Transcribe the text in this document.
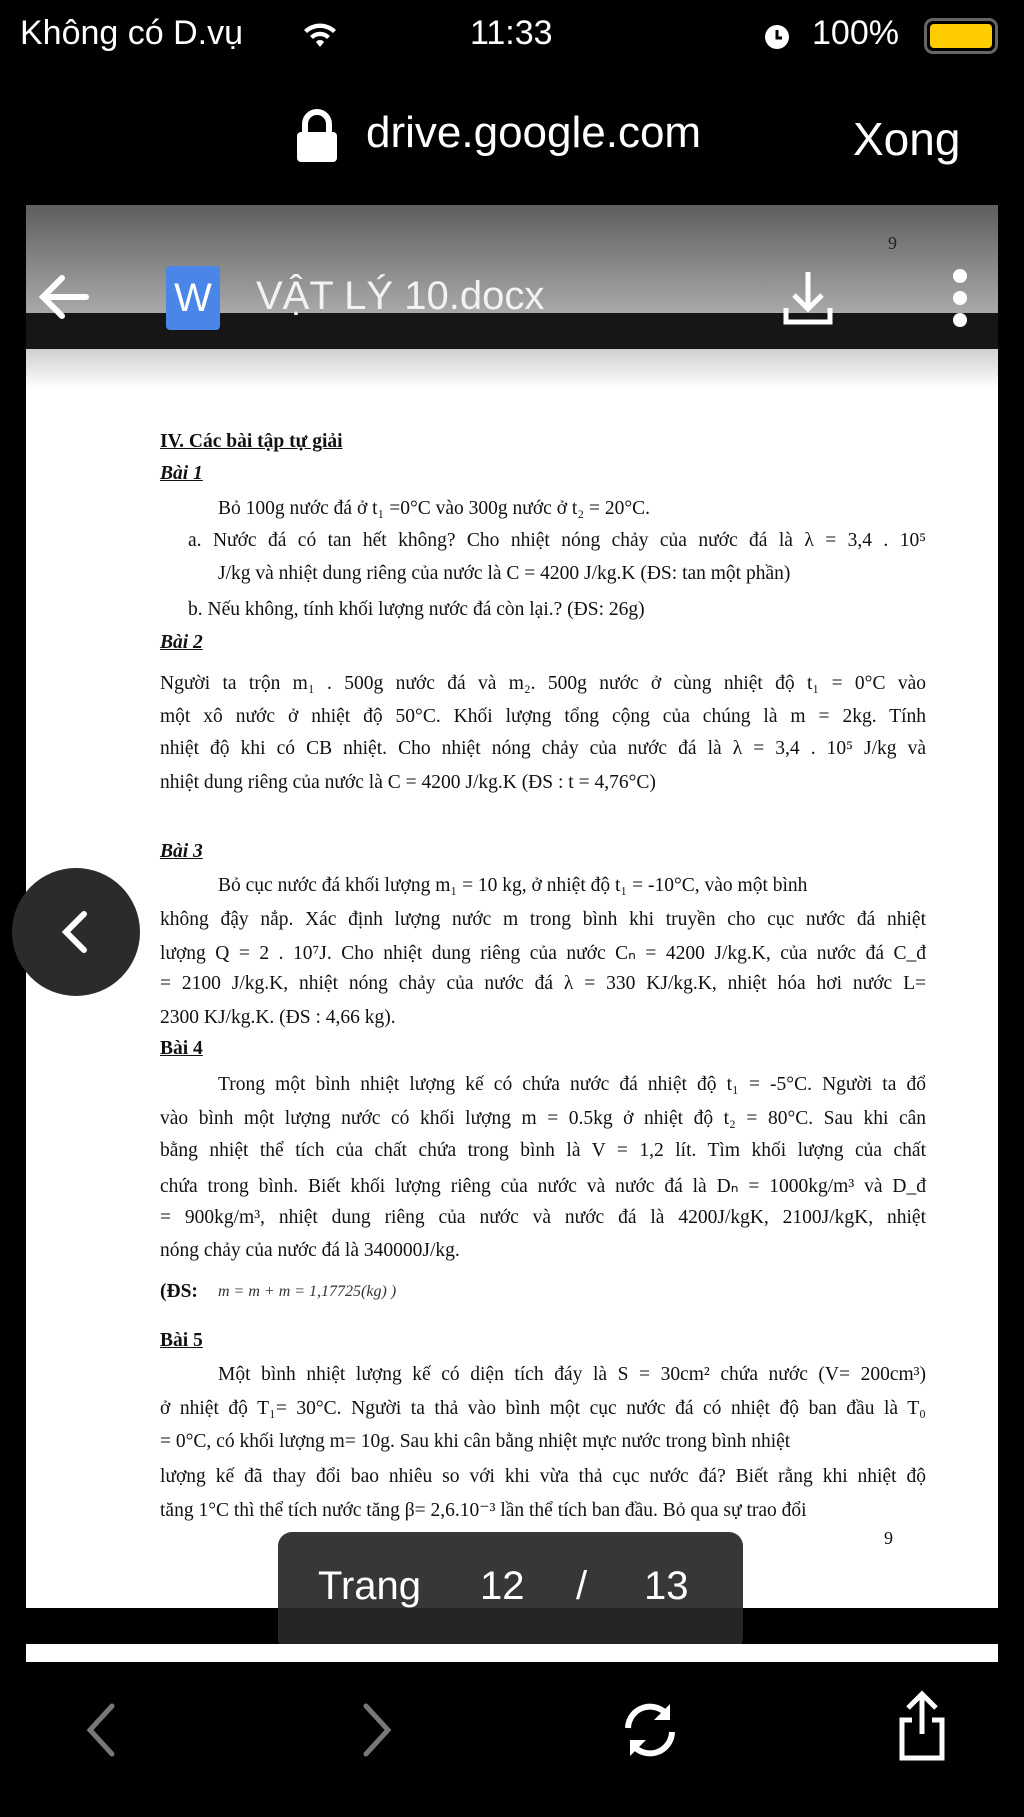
Không có D.vụ	11:33	100%
drive.google.com	Xong
9
W VẬT LÝ 10.docx
IV. Các bài tập tự giải
Bài 1
Bỏ 100g nước đá ở t₁ =0°C vào 300g nước ở t₂ = 20°C.
a. Nước đá có tan hết không? Cho nhiệt nóng chảy của nước đá là λ = 3,4 . 10⁵
J/kg và nhiệt dung riêng của nước là C = 4200 J/kg.K (ĐS: tan một phần)
b. Nếu không, tính khối lượng nước đá còn lại.? (ĐS: 26g)
Bài 2
Người ta trộn m₁ . 500g nước đá và m₂. 500g nước ở cùng nhiệt độ t₁ = 0°C vào
một xô nước ở nhiệt độ 50°C. Khối lượng tổng cộng của chúng là m = 2kg. Tính
nhiệt độ khi có CB nhiệt. Cho nhiệt nóng chảy của nước đá là λ = 3,4 . 10⁵ J/kg và
nhiệt dung riêng của nước là C = 4200 J/kg.K (ĐS : t = 4,76°C)
Bài 3
Bỏ cục nước đá khối lượng m₁ = 10 kg, ở nhiệt độ t₁ = -10°C, vào một bình
không đậy nắp. Xác định lượng nước m trong bình khi truyền cho cục nước đá nhiệt
lượng Q = 2 . 10⁷J. Cho nhiệt dung riêng của nước Cₙ = 4200 J/kg.K, của nước đá C_đ
= 2100 J/kg.K, nhiệt nóng chảy của nước đá λ = 330 KJ/kg.K, nhiệt hóa hơi nước L=
2300 KJ/kg.K. (ĐS : 4,66 kg).
Bài 4
Trong một bình nhiệt lượng kế có chứa nước đá nhiệt độ t₁ = -5°C. Người ta đổ
vào bình một lượng nước có khối lượng m = 0.5kg ở nhiệt độ t₂ = 80°C. Sau khi cân
bằng nhiệt thể tích của chất chứa trong bình là V = 1,2 lít. Tìm khối lượng của chất
chứa trong bình. Biết khối lượng riêng của nước và nước đá là Dₙ = 1000kg/m³ và D_đ
= 900kg/m³, nhiệt dung riêng của nước và nước đá là 4200J/kgK, 2100J/kgK, nhiệt
nóng chảy của nước đá là 340000J/kg.
(ĐS: m = m + m = 1,17725(kg) )
Bài 5
Một bình nhiệt lượng kế có diện tích đáy là S = 30cm² chứa nước (V= 200cm³)
ở nhiệt độ T₁= 30°C. Người ta thả vào bình một cục nước đá có nhiệt độ ban đầu là T₀
= 0°C, có khối lượng m= 10g. Sau khi cân bằng nhiệt mực nước trong bình nhiệt
lượng kế đã thay đổi bao nhiêu so với khi vừa thả cục nước đá? Biết rằng khi nhiệt độ
tăng 1°C thì thể tích nước tăng β= 2,6.10⁻³ lần thể tích ban đầu. Bỏ qua sự trao đổi
9
Trang 12 / 13
